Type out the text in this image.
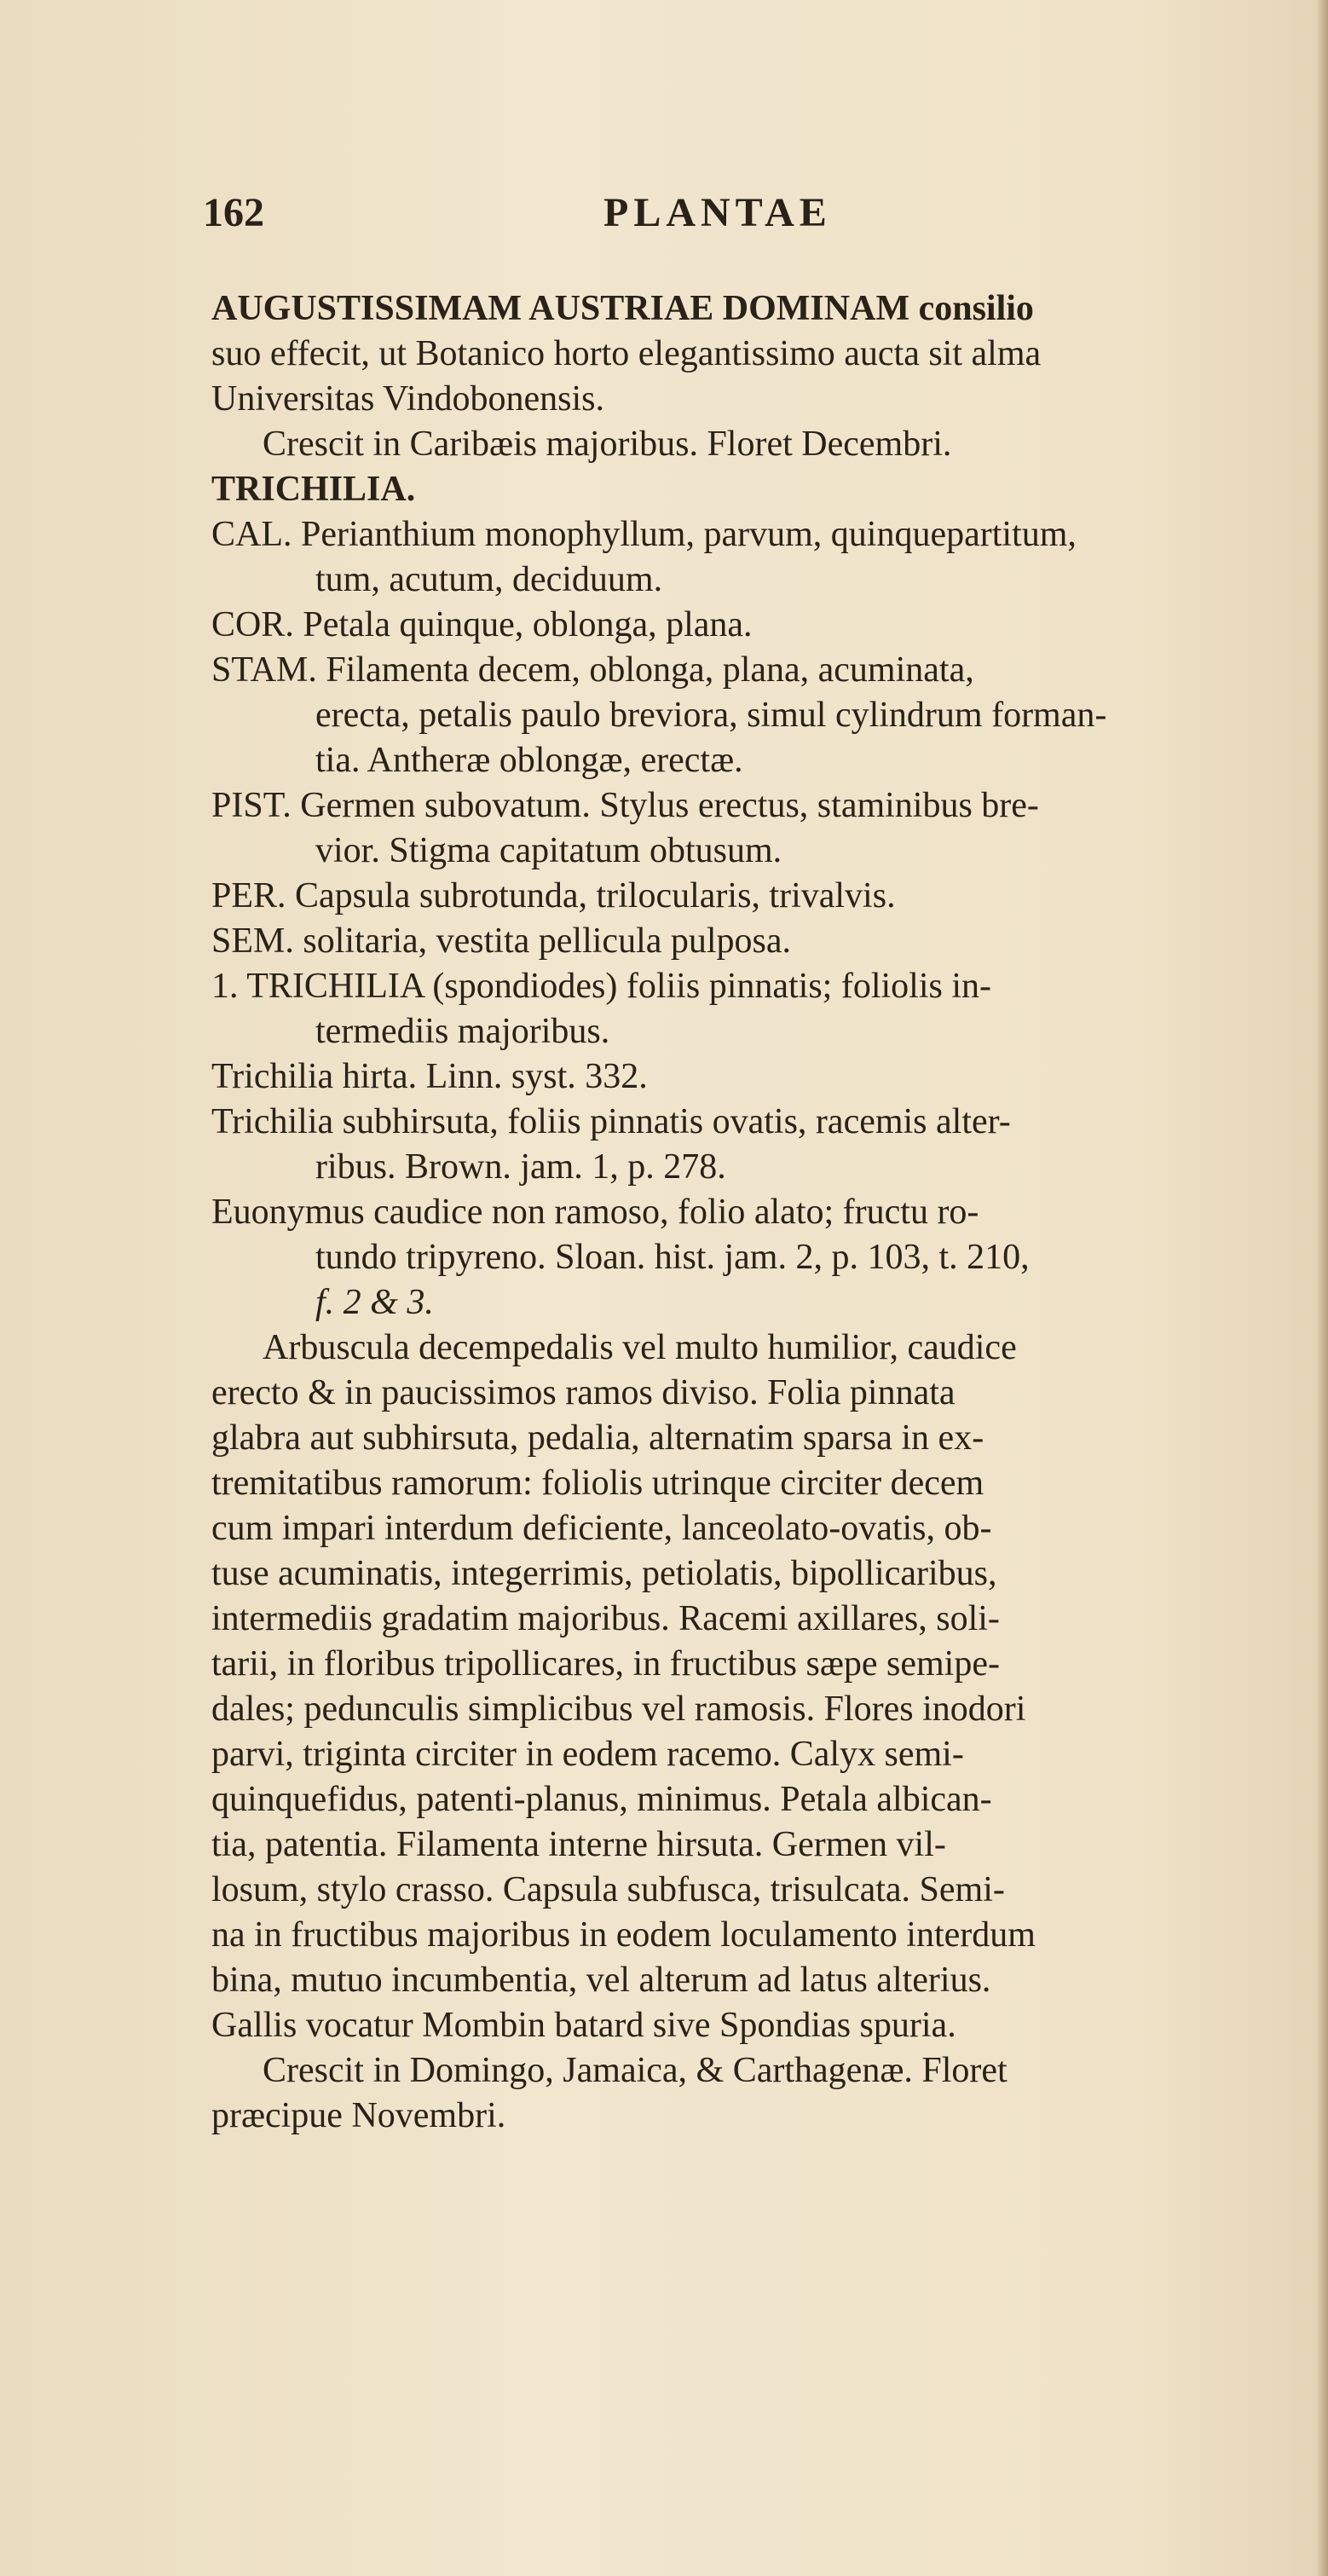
162	PLANTAE
AUGUSTISSIMAM AUSTRIAE DOMINAM consilio
suo effecit, ut Botanico horto elegantissimo aucta sit alma
Universitas Vindobonensis.
Crescit in Caribæis majoribus. Floret Decembri.
TRICHILIA.
CAL. Perianthium monophyllum, parvum, quinquepartitum,
tum, acutum, deciduum.
COR. Petala quinque, oblonga, plana.
STAM. Filamenta decem, oblonga, plana, acuminata,
erecta, petalis paulo breviora, simul cylindrum forman-
tia. Antheræ oblongæ, erectæ.
PIST. Germen subovatum. Stylus erectus, staminibus bre-
vior. Stigma capitatum obtusum.
PER. Capsula subrotunda, trilocularis, trivalvis.
SEM. solitaria, vestita pellicula pulposa.
1. TRICHILIA (spondiodes) foliis pinnatis; foliolis in-
termediis majoribus.
Trichilia hirta. Linn. syst. 332.
Trichilia subhirsuta, foliis pinnatis ovatis, racemis alter-
ribus. Brown. jam. 1, p. 278.
Euonymus caudice non ramoso, folio alato; fructu ro-
tundo tripyreno. Sloan. hist. jam. 2, p. 103, t. 210,
f. 2 & 3.
Arbuscula decempedalis vel multo humilior, caudice
erecto & in paucissimos ramos diviso. Folia pinnata
glabra aut subhirsuta, pedalia, alternatim sparsa in ex-
tremitatibus ramorum: foliolis utrinque circiter decem
cum impari interdum deficiente, lanceolato-ovatis, ob-
tuse acuminatis, integerrimis, petiolatis, bipollicaribus,
intermediis gradatim majoribus. Racemi axillares, soli-
tarii, in floribus tripollicares, in fructibus sæpe semipe-
dales; pedunculis simplicibus vel ramosis. Flores inodori
parvi, triginta circiter in eodem racemo. Calyx semi-
quinquefidus, patenti-planus, minimus. Petala albican-
tia, patentia. Filamenta interne hirsuta. Germen vil-
losum, stylo crasso. Capsula subfusca, trisulcata. Semi-
na in fructibus majoribus in eodem loculamento interdum
bina, mutuo incumbentia, vel alterum ad latus alterius.
Gallis vocatur Mombin batard sive Spondias spuria.
Crescit in Domingo, Jamaica, & Carthagenæ. Floret
præcipue Novembri.
